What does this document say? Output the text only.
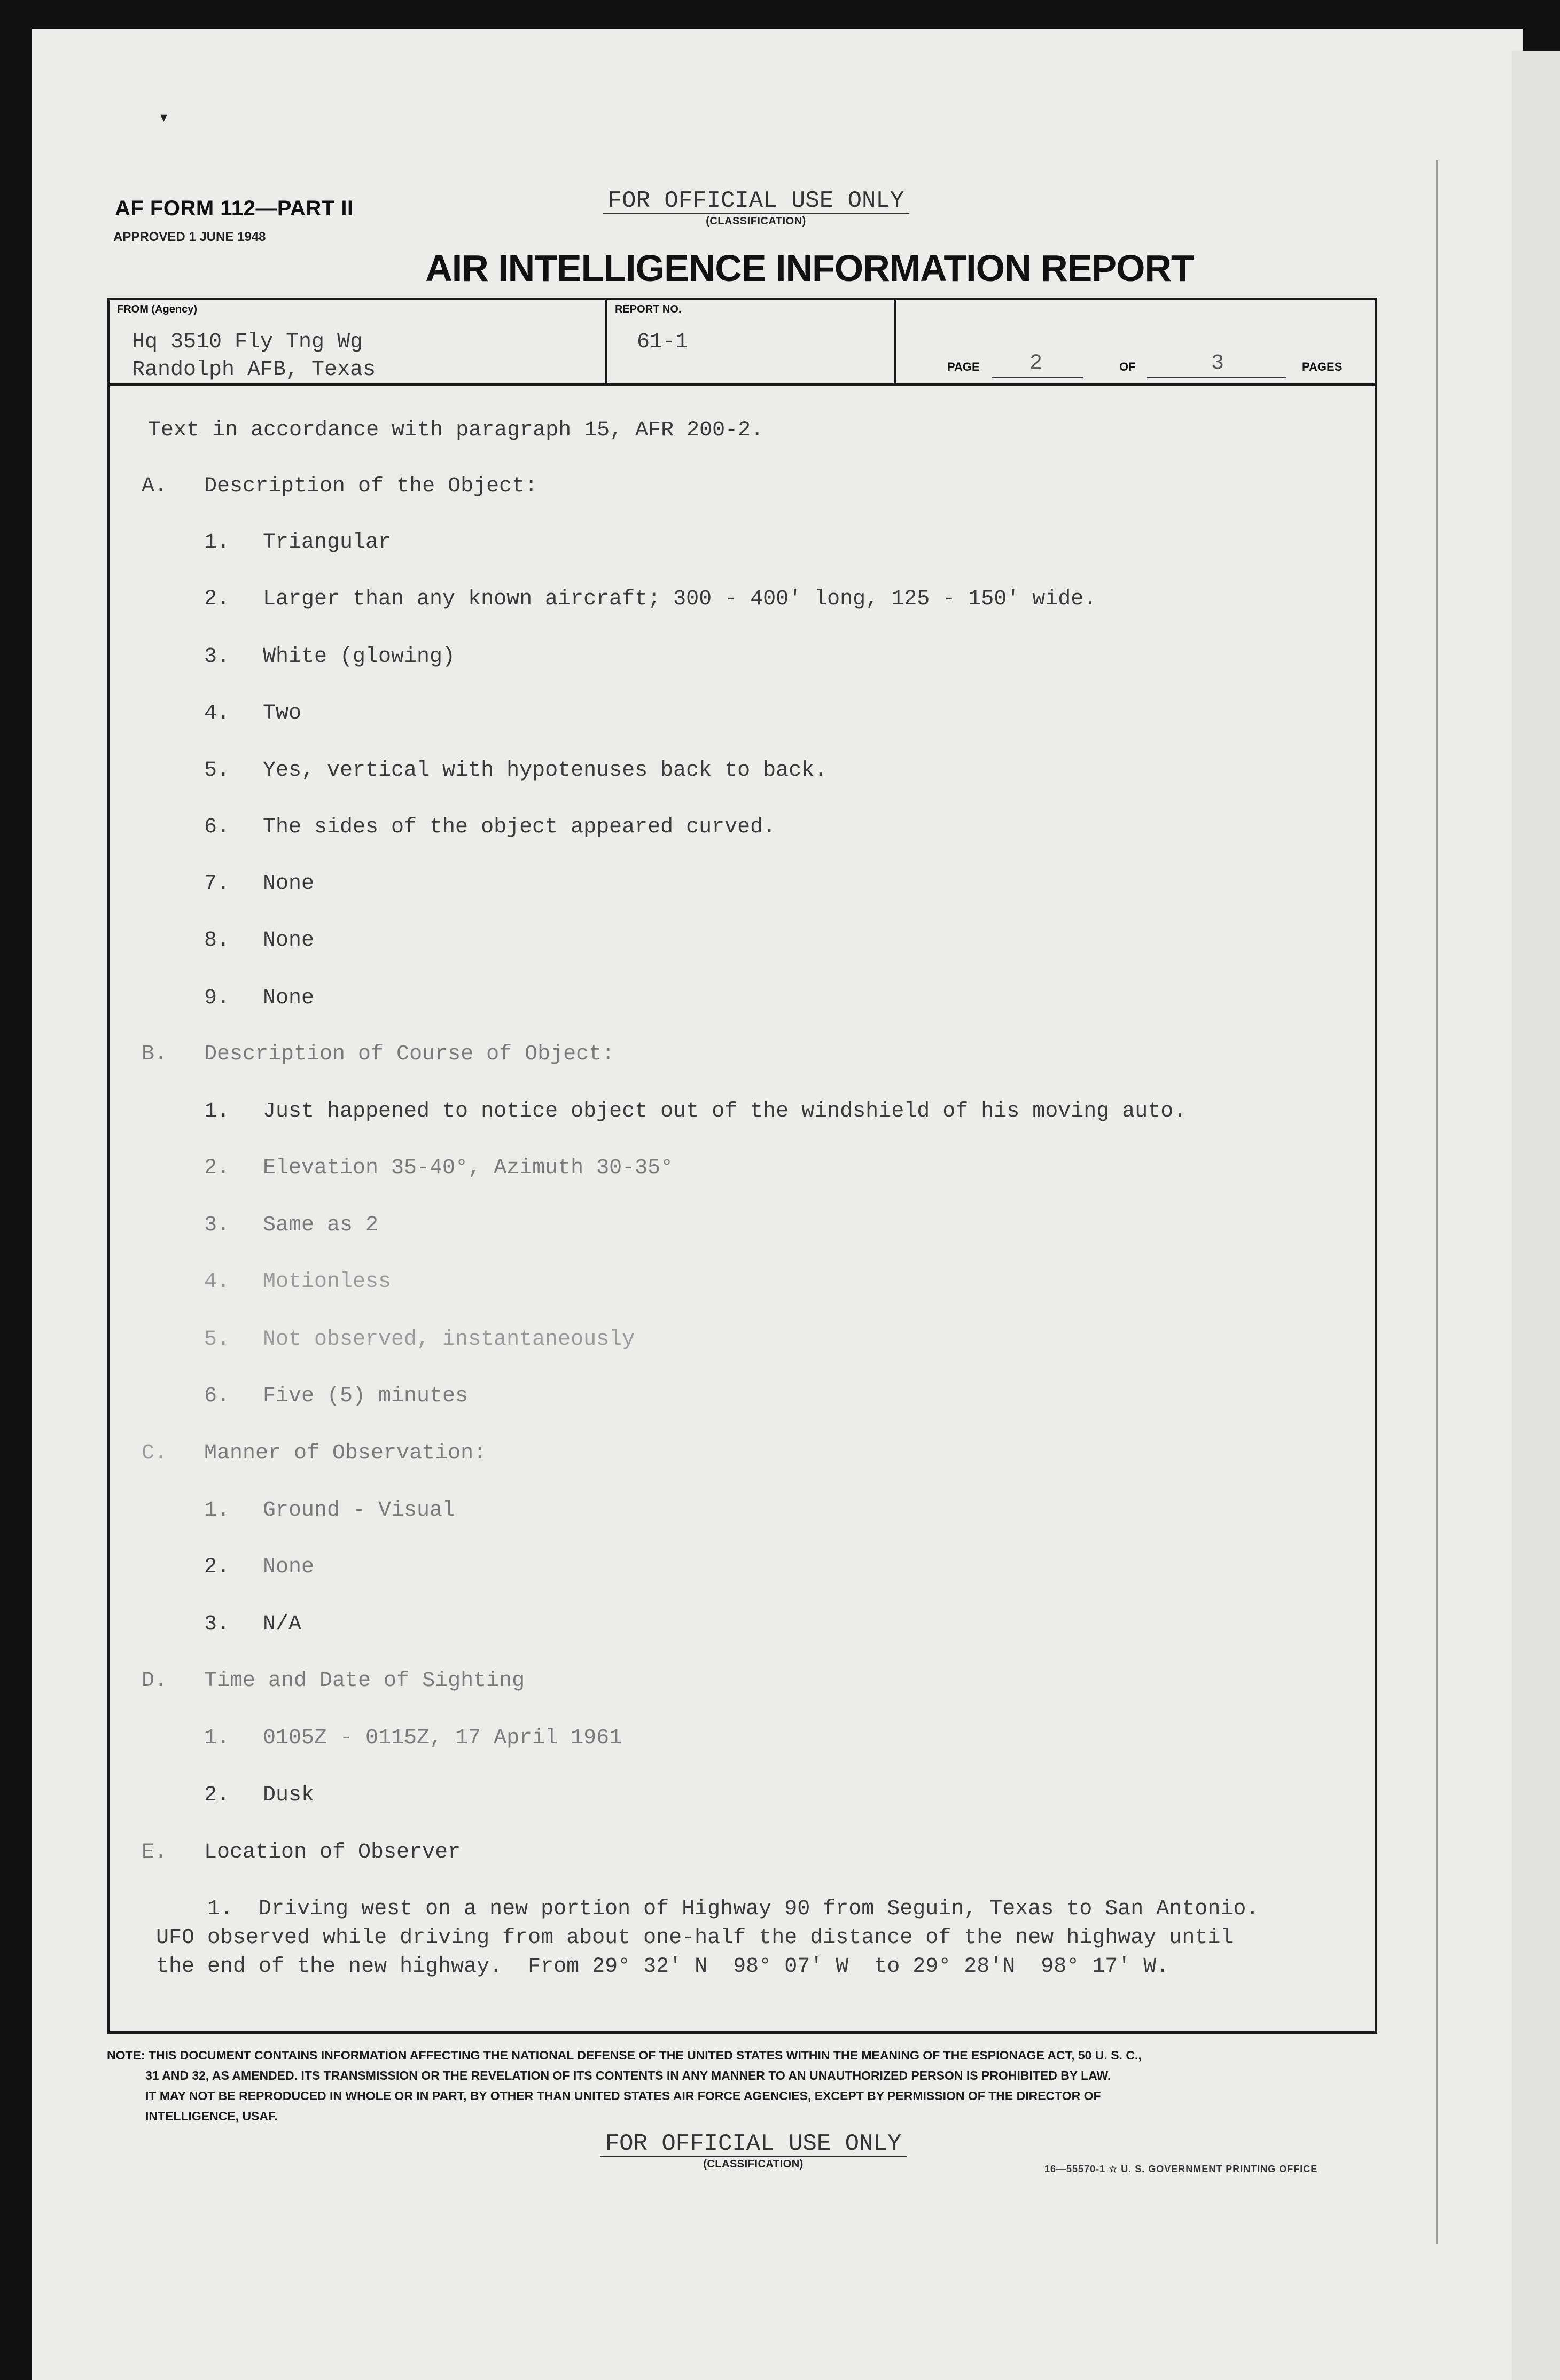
▾
AF FORM 112—PART II
APPROVED 1 JUNE 1948
FOR OFFICIAL USE ONLY
(CLASSIFICATION)
AIR INTELLIGENCE INFORMATION REPORT
FROM (Agency)
Hq 3510 Fly Tng Wg
Randolph AFB, Texas
REPORT NO.
61-1
PAGE 2	OF	3	PAGES
Text in accordance with paragraph 15, AFR 200-2.
A. Description of the Object:
1. Triangular
2. Larger than any known aircraft; 300 - 400' long, 125 - 150' wide.
3. White (glowing)
4. Two
5. Yes, vertical with hypotenuses back to back.
6. The sides of the object appeared curved.
7. None
8. None
9. None
B. Description of Course of Object:
1. Just happened to notice object out of the windshield of his moving auto.
2. Elevation 35-40°, Azimuth 30-35°
3. Same as 2
4. Motionless
5. Not observed, instantaneously
6. Five (5) minutes
C. Manner of Observation:
1. Ground - Visual
2. None
3. N/A
D. Time and Date of Sighting
1. 0105Z - 0115Z, 17 April 1961
2. Dusk
E. Location of Observer
1.  Driving west on a new portion of Highway 90 from Seguin, Texas to San Antonio.
UFO observed while driving from about one-half the distance of the new highway until
the end of the new highway.  From 29° 32' N  98° 07' W  to 29° 28'N  98° 17' W.
NOTE: THIS DOCUMENT CONTAINS INFORMATION AFFECTING THE NATIONAL DEFENSE OF THE UNITED STATES WITHIN THE MEANING OF THE ESPIONAGE ACT, 50 U. S. C.,
31 AND 32, AS AMENDED. ITS TRANSMISSION OR THE REVELATION OF ITS CONTENTS IN ANY MANNER TO AN UNAUTHORIZED PERSON IS PROHIBITED BY LAW.
IT MAY NOT BE REPRODUCED IN WHOLE OR IN PART, BY OTHER THAN UNITED STATES AIR FORCE AGENCIES, EXCEPT BY PERMISSION OF THE DIRECTOR OF
INTELLIGENCE, USAF.
FOR OFFICIAL USE ONLY
(CLASSIFICATION)	16—55570-1 ☆ U. S. GOVERNMENT PRINTING OFFICE
